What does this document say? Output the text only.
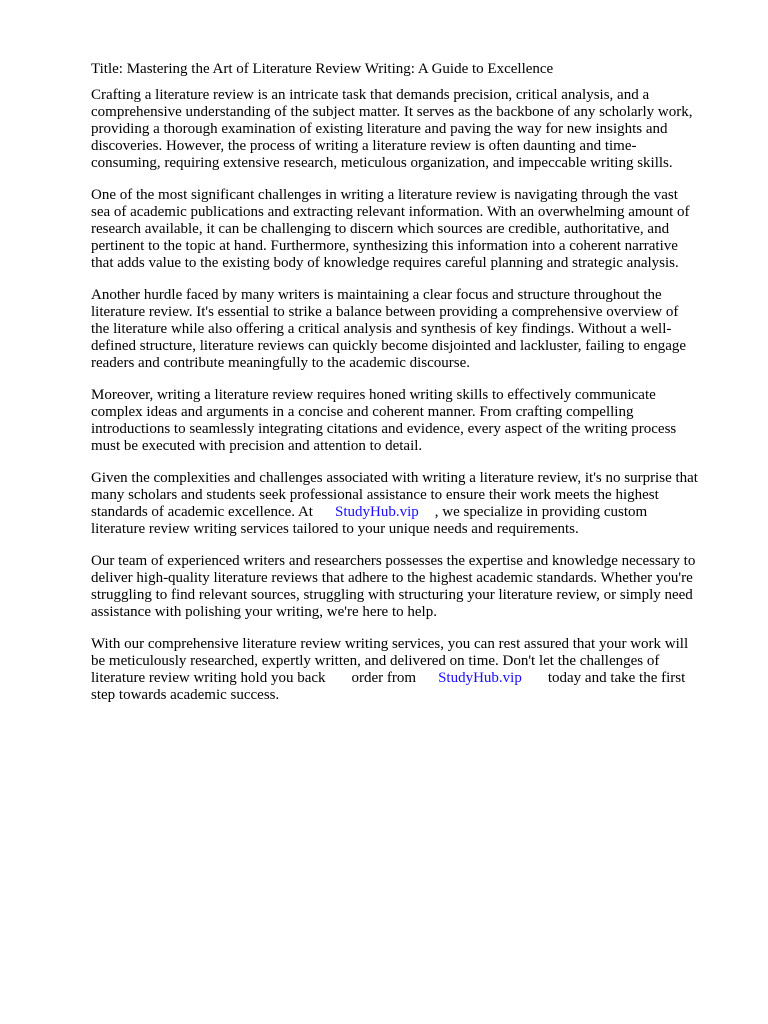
Title: Mastering the Art of Literature Review Writing: A Guide to Excellence

Crafting a literature review is an intricate task that demands precision, critical analysis, and a
comprehensive understanding of the subject matter. It serves as the backbone of any scholarly work,
providing a thorough examination of existing literature and paving the way for new insights and
discoveries. However, the process of writing a literature review is often daunting and time-
consuming, requiring extensive research, meticulous organization, and impeccable writing skills.

One of the most significant challenges in writing a literature review is navigating through the vast
sea of academic publications and extracting relevant information. With an overwhelming amount of
research available, it can be challenging to discern which sources are credible, authoritative, and
pertinent to the topic at hand. Furthermore, synthesizing this information into a coherent narrative
that adds value to the existing body of knowledge requires careful planning and strategic analysis.

Another hurdle faced by many writers is maintaining a clear focus and structure throughout the
literature review. It's essential to strike a balance between providing a comprehensive overview of
the literature while also offering a critical analysis and synthesis of key findings. Without a well-
defined structure, literature reviews can quickly become disjointed and lackluster, failing to engage
readers and contribute meaningfully to the academic discourse.

Moreover, writing a literature review requires honed writing skills to effectively communicate
complex ideas and arguments in a concise and coherent manner. From crafting compelling
introductions to seamlessly integrating citations and evidence, every aspect of the writing process
must be executed with precision and attention to detail.

Given the complexities and challenges associated with writing a literature review, it's no surprise that
many scholars and students seek professional assistance to ensure their work meets the highest
standards of academic excellence. At StudyHub.vip , we specialize in providing custom
literature review writing services tailored to your unique needs and requirements.

Our team of experienced writers and researchers possesses the expertise and knowledge necessary to
deliver high-quality literature reviews that adhere to the highest academic standards. Whether you're
struggling to find relevant sources, struggling with structuring your literature review, or simply need
assistance with polishing your writing, we're here to help.

With our comprehensive literature review writing services, you can rest assured that your work will
be meticulously researched, expertly written, and delivered on time. Don't let the challenges of
literature review writing hold you back order from StudyHub.vip today and take the first
step towards academic success.
